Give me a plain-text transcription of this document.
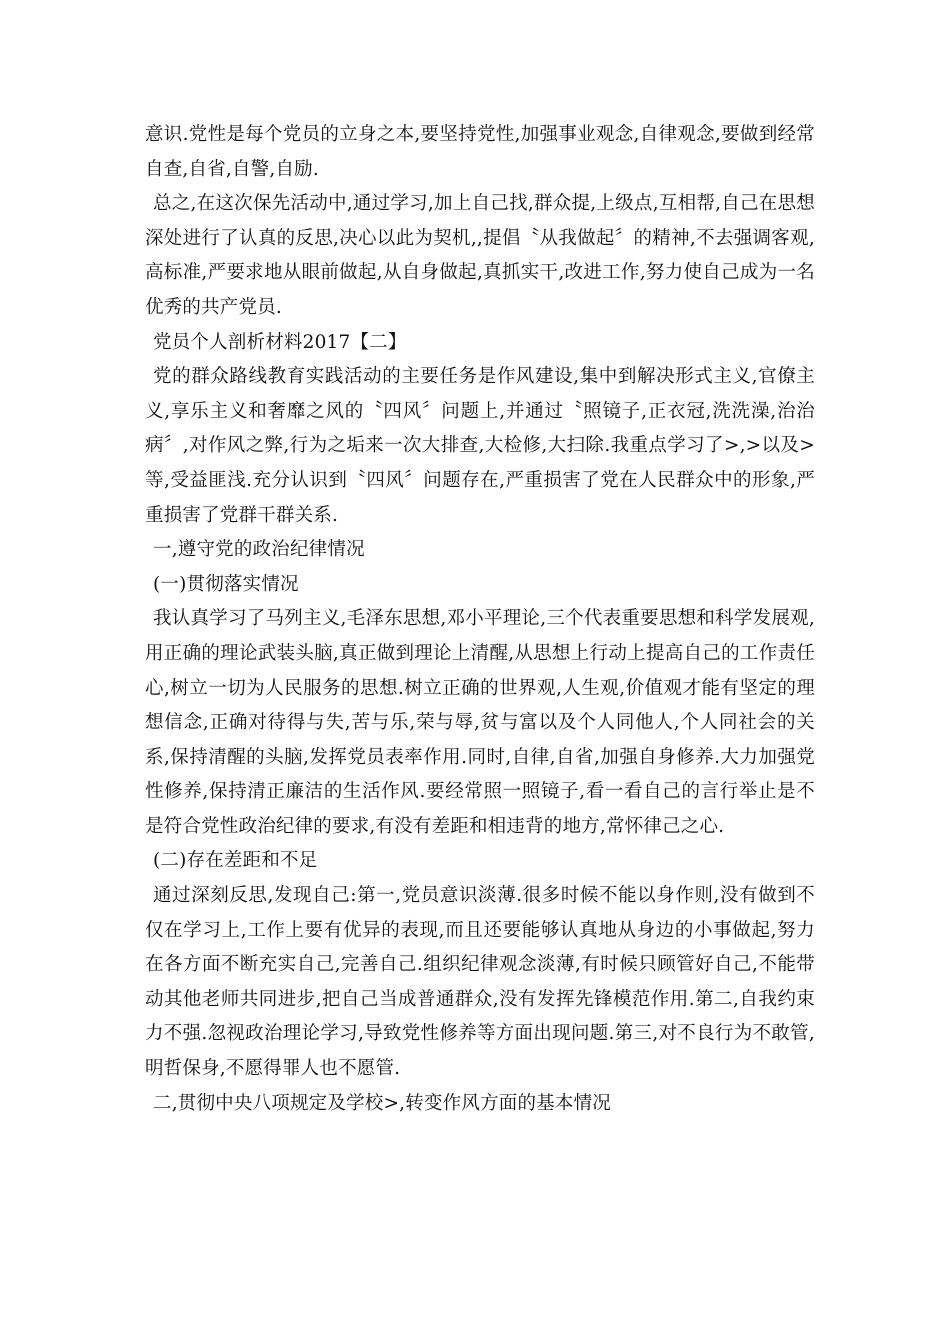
意识.党性是每个党员的立身之本,要坚持党性,加强事业观念,自律观念,要做到经常自查,自省,自警,自励.

总之,在这次保先活动中,通过学习,加上自己找,群众提,上级点,互相帮,自己在思想深处进行了认真的反思,决心以此为契机,,提倡〝从我做起〞的精神,不去强调客观,高标准,严要求地从眼前做起,从自身做起,真抓实干,改进工作,努力使自己成为一名优秀的共产党员.

党员个人剖析材料2017【二】

党的群众路线教育实践活动的主要任务是作风建设,集中到解决形式主义,官僚主义,享乐主义和奢靡之风的〝四风〞问题上,并通过〝照镜子,正衣冠,洗洗澡,治治病〞,对作风之弊,行为之垢来一次大排查,大检修,大扫除.我重点学习了>,>以及>等,受益匪浅.充分认识到〝四风〞问题存在,严重损害了党在人民群众中的形象,严重损害了党群干群关系.

一,遵守党的政治纪律情况

(一)贯彻落实情况

我认真学习了马列主义,毛泽东思想,邓小平理论,三个代表重要思想和科学发展观,用正确的理论武装头脑,真正做到理论上清醒,从思想上行动上提高自己的工作责任心,树立一切为人民服务的思想.树立正确的世界观,人生观,价值观才能有坚定的理想信念,正确对待得与失,苦与乐,荣与辱,贫与富以及个人同他人,个人同社会的关系,保持清醒的头脑,发挥党员表率作用.同时,自律,自省,加强自身修养.大力加强党性修养,保持清正廉洁的生活作风.要经常照一照镜子,看一看自己的言行举止是不是符合党性政治纪律的要求,有没有差距和相违背的地方,常怀律己之心.

(二)存在差距和不足

通过深刻反思,发现自己:第一,党员意识淡薄.很多时候不能以身作则,没有做到不仅在学习上,工作上要有优异的表现,而且还要能够认真地从身边的小事做起,努力在各方面不断充实自己,完善自己.组织纪律观念淡薄,有时候只顾管好自己,不能带动其他老师共同进步,把自己当成普通群众,没有发挥先锋模范作用.第二,自我约束力不强.忽视政治理论学习,导致党性修养等方面出现问题.第三,对不良行为不敢管,明哲保身,不愿得罪人也不愿管.

二,贯彻中央八项规定及学校>,转变作风方面的基本情况
